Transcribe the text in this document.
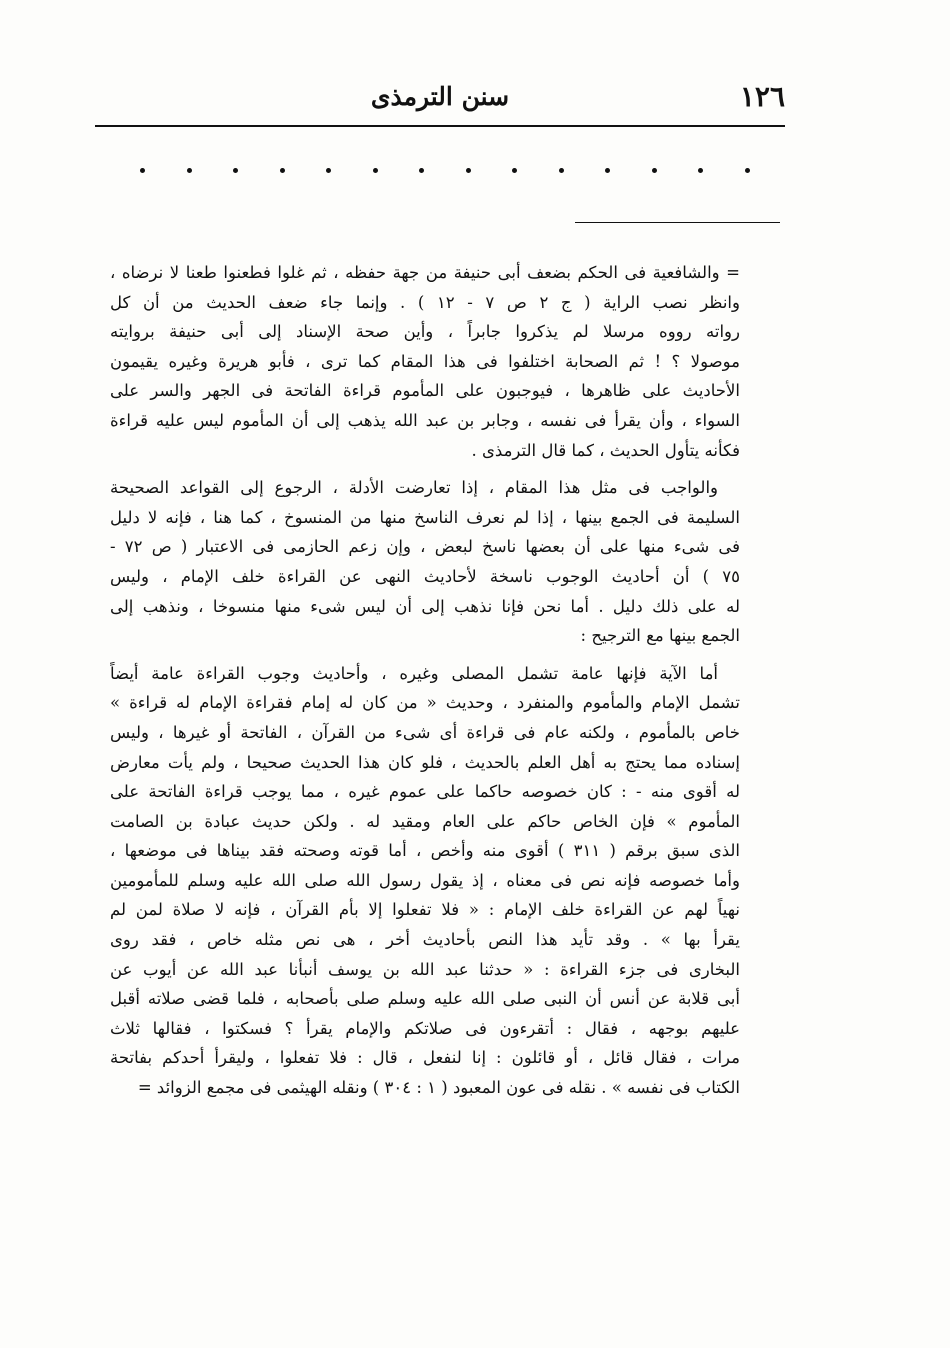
١٢٦
سنن الترمذى
= والشافعية فى الحكم بضعف أبى حنيفة من جهة حفظه ، ثم غلوا فطعنوا طعنا لا نرضاه ،
وانظر نصب الراية ( ج ٢ ص ٧ - ١٢ ) . وإنما جاء ضعف الحديث من أن كل
رواته رووه مرسلا لم يذكروا جابراً ، وأين صحة الإسناد إلى أبى حنيفة بروايته
موصولا ؟ ! ثم الصحابة اختلفوا فى هذا المقام كما ترى ، فأبو هريرة وغيره يقيمون
الأحاديث على ظاهرها ، فيوجبون على المأموم قراءة الفاتحة فى الجهر والسر على
السواء ، وأن يقرأ فى نفسه ، وجابر بن عبد الله يذهب إلى أن المأموم ليس عليه قراءة
فكأنه يتأول الحديث ، كما قال الترمذى .
والواجب فى مثل هذا المقام ، إذا تعارضت الأدلة ، الرجوع إلى القواعد الصحيحة
السليمة فى الجمع بينها ، إذا لم نعرف الناسخ منها من المنسوخ ، كما هنا ، فإنه لا دليل
فى شىء منها على أن بعضها ناسخ لبعض ، وإن زعم الحازمى فى الاعتبار ( ص ٧٢ -
٧٥ ) أن أحاديث الوجوب ناسخة لأحاديث النهى عن القراءة خلف الإمام ، وليس
له على ذلك دليل . أما نحن فإنا نذهب إلى أن ليس شىء منها منسوخا ، ونذهب إلى
الجمع بينها مع الترجيح :
أما الآية فإنها عامة تشمل المصلى وغيره ، وأحاديث وجوب القراءة عامة أيضاً
تشمل الإمام والمأموم والمنفرد ، وحديث « من كان له إمام فقراءة الإمام له قراءة »
خاص بالمأموم ، ولكنه عام فى قراءة أى شىء من القرآن ، الفاتحة أو غيرها ، وليس
إسناده مما يحتج به أهل العلم بالحديث ، فلو كان هذا الحديث صحيحا ، ولم يأت معارض
له أقوى منه - : كان خصوصه حاكما على عموم غيره ، مما يوجب قراءة الفاتحة على
المأموم » فإن الخاص حاكم على العام ومقيد له . ولكن حديث عبادة بن الصامت
الذى سبق برقم ( ٣١١ ) أقوى منه وأخص ، أما قوته وصحته فقد بيناها فى موضعها ،
وأما خصوصه فإنه نص فى معناه ، إذ يقول رسول الله صلى الله عليه وسلم للمأمومين
نهياً لهم عن القراءة خلف الإمام : « فلا تفعلوا إلا بأم القرآن ، فإنه لا صلاة لمن لم
يقرأ بها » . وقد تأيد هذا النص بأحاديث أخر ، هى نص مثله خاص ، فقد روى
البخارى فى جزء القراءة : « حدثنا عبد الله بن يوسف أنبأنا عبد الله عن أيوب عن
أبى قلابة عن أنس أن النبى صلى الله عليه وسلم صلى بأصحابه ، فلما قضى صلاته أقبل
عليهم بوجهه ، فقال : أتقرءون فى صلاتكم والإمام يقرأ ؟ فسكتوا ، فقالها ثلاث
مرات ، فقال قائل ، أو قائلون : إنا لنفعل ، قال : فلا تفعلوا ، وليقرأ أحدكم بفاتحة
الكتاب فى نفسه » . نقله فى عون المعبود ( ١ : ٣٠٤ ) ونقله الهيثمى فى مجمع الزوائد =
